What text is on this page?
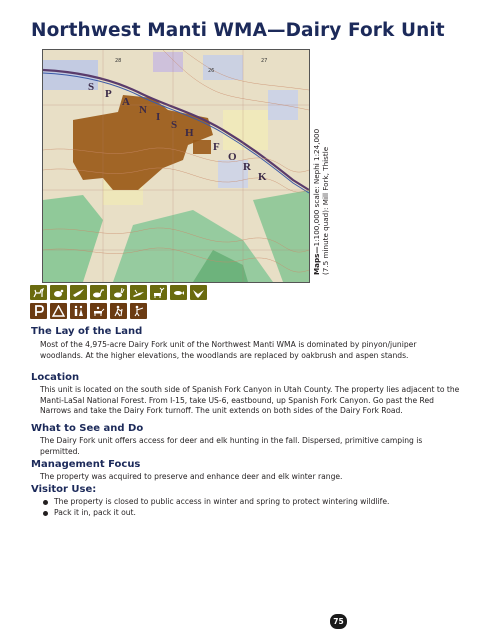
Northwest Manti WMA—Dairy Fork Unit
S
P
A
N
I
S
H
F
O
R
K
26
27
28
Maps—1:100,000 scale: Nephi 1:24,000 (7.5 minute quad): Mill Fork, Thistle
The Lay of the Land
Most of the 4,975-acre Dairy Fork unit of the Northwest Manti WMA is dominated by pinyon/juniper woodlands. At the higher elevations, the woodlands are replaced by oakbrush and aspen stands.
Location
This unit is located on the south side of Spanish Fork Canyon in Utah County. The property lies adjacent to the Manti-LaSal National Forest. From I-15, take US-6, eastbound, up Spanish Fork Canyon. Go past the Red Narrows and take the Dairy Fork turnoff. The unit extends on both sides of the Dairy Fork Road.
What to See and Do
The Dairy Fork unit offers access for deer and elk hunting in the fall. Dispersed, primitive camping is permitted.
Management Focus
The property was acquired to preserve and enhance deer and elk winter range.
Visitor Use:
The property is closed to public access in winter and spring to protect wintering wildlife.
Pack it in, pack it out.
75
